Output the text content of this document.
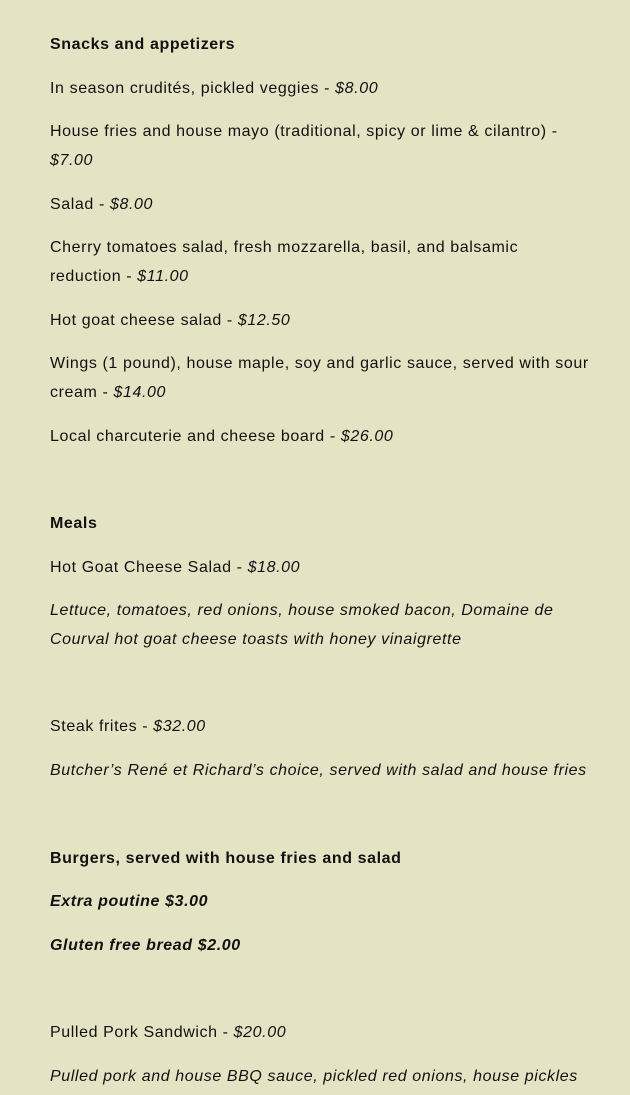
Snacks and appetizers

In season crudités, pickled veggies - $8.00

House fries and house mayo (traditional, spicy or lime & cilantro) - $7.00

Salad - $8.00

Cherry tomatoes salad, fresh mozzarella, basil, and balsamic reduction - $11.00

Hot goat cheese salad - $12.50

Wings (1 pound), house maple, soy and garlic sauce, served with sour cream - $14.00

Local charcuterie and cheese board - $26.00

Meals

Hot Goat Cheese Salad - $18.00

Lettuce, tomatoes, red onions, house smoked bacon, Domaine de Courval hot goat cheese toasts with honey vinaigrette

Steak frites - $32.00

Butcher’s René et Richard’s choice, served with salad and house fries

Burgers, served with house fries and salad

Extra poutine $3.00

Gluten free bread $2.00

Pulled Pork Sandwich - $20.00

Pulled pork and house BBQ sauce, pickled red onions, house pickles
